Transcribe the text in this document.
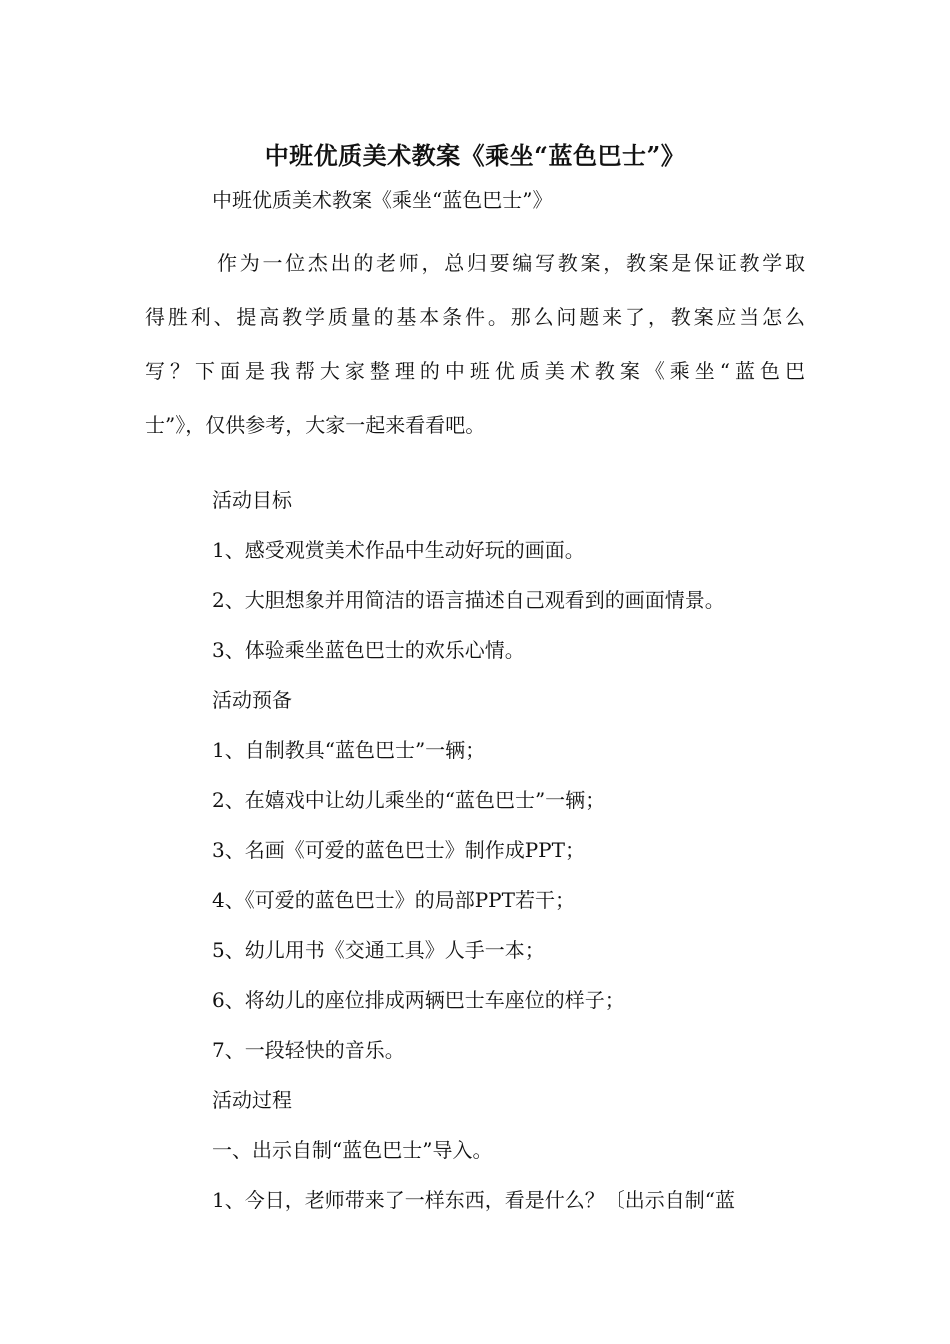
中班优质美术教案《乘坐“蓝色巴士”》
中班优质美术教案《乘坐“蓝色巴士”》
作为一位杰出的老师，总归要编写教案，教案是保证教学取
得胜利、提高教学质量的基本条件。那么问题来了，教案应当怎么
写？下面是我帮大家整理的中班优质美术教案《乘坐“蓝色巴
士”》，仅供参考，大家一起来看看吧。
活动目标
1、感受观赏美术作品中生动好玩的画面。
2、大胆想象并用简洁的语言描述自己观看到的画面情景。
3、体验乘坐蓝色巴士的欢乐心情。
活动预备
1、自制教具“蓝色巴士”一辆；
2、在嬉戏中让幼儿乘坐的“蓝色巴士”一辆；
3、名画《可爱的蓝色巴士》制作成PPT；
4、《可爱的蓝色巴士》的局部PPT若干；
5、幼儿用书《交通工具》人手一本；
6、将幼儿的座位排成两辆巴士车座位的样子；
7、一段轻快的音乐。
活动过程
一、出示自制“蓝色巴士”导入。
1、今日，老师带来了一样东西，看是什么？〔出示自制“蓝
